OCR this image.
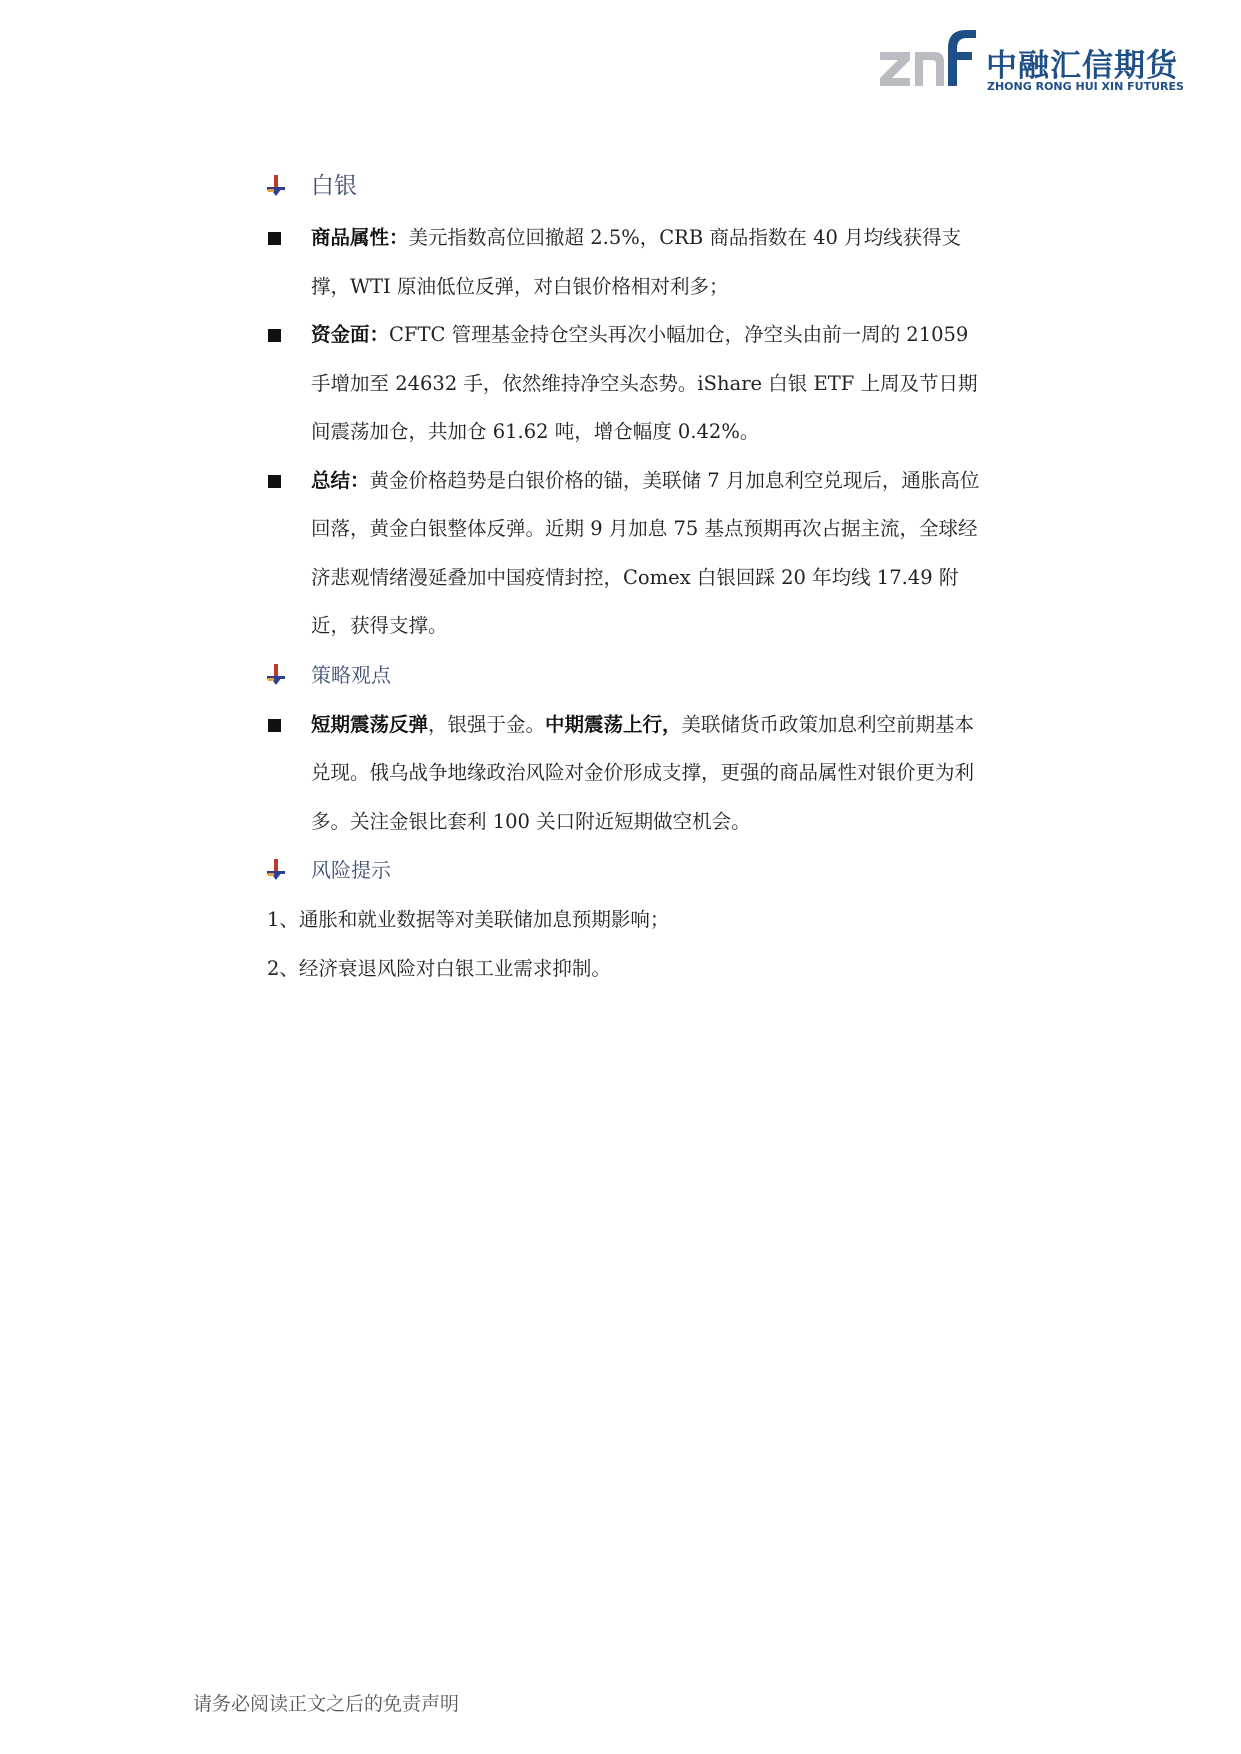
中融汇信期货
ZHONG RONG HUI XIN FUTURES
白银
商品属性：美元指数高位回撤超 2.5%，CRB 商品指数在 40 月均线获得支撑，WTI 原油低位反弹，对白银价格相对利多；
资金面：CFTC 管理基金持仓空头再次小幅加仓，净空头由前一周的 21059 手增加至 24632 手，依然维持净空头态势。iShare 白银 ETF 上周及节日期间震荡加仓，共加仓 61.62 吨，增仓幅度 0.42%。
总结：黄金价格趋势是白银价格的锚，美联储 7 月加息利空兑现后，通胀高位回落，黄金白银整体反弹。近期 9 月加息 75 基点预期再次占据主流，全球经济悲观情绪漫延叠加中国疫情封控，Comex 白银回踩 20 年均线 17.49 附近，获得支撑。
策略观点
短期震荡反弹，银强于金。中期震荡上行，美联储货币政策加息利空前期基本兑现。俄乌战争地缘政治风险对金价形成支撑，更强的商品属性对银价更为利多。关注金银比套利 100 关口附近短期做空机会。
风险提示
1、通胀和就业数据等对美联储加息预期影响；
2、经济衰退风险对白银工业需求抑制。
请务必阅读正文之后的免责声明
